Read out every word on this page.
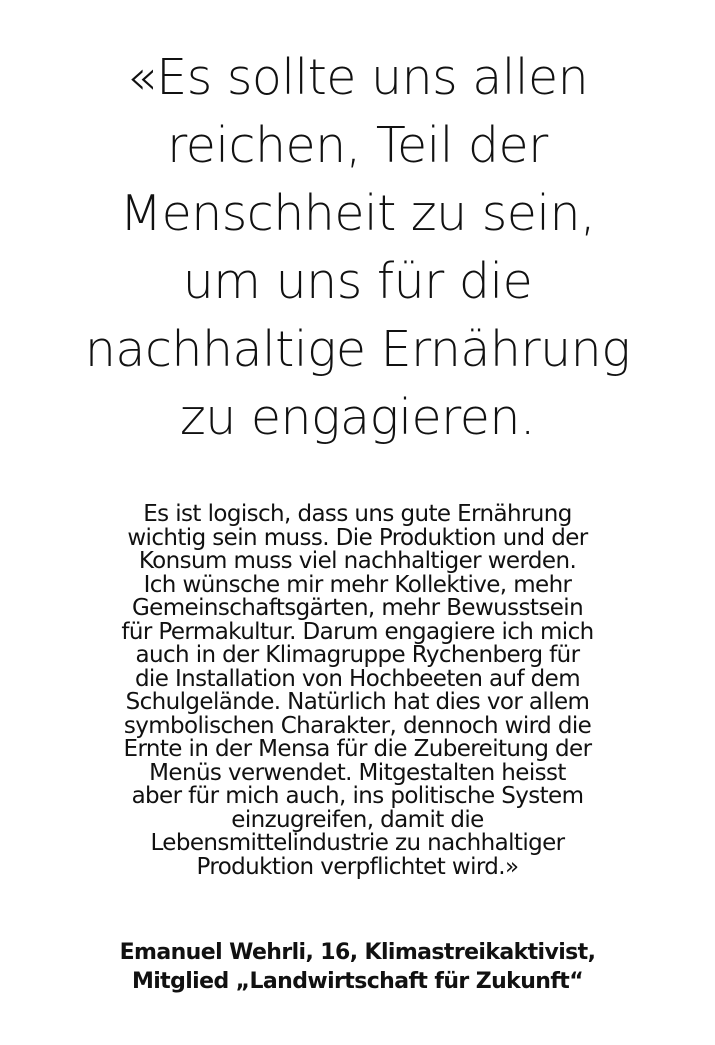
«Es sollte uns allen
reichen, Teil der
Menschheit zu sein,
um uns für die
nachhaltige Ernährung
zu engagieren.

Es ist logisch, dass uns gute Ernährung
wichtig sein muss. Die Produktion und der
Konsum muss viel nachhaltiger werden.
Ich wünsche mir mehr Kollektive, mehr
Gemeinschaftsgärten, mehr Bewusstsein
für Permakultur. Darum engagiere ich mich
auch in der Klimagruppe Rychenberg für
die Installation von Hochbeeten auf dem
Schulgelände. Natürlich hat dies vor allem
symbolischen Charakter, dennoch wird die
Ernte in der Mensa für die Zubereitung der
Menüs verwendet. Mitgestalten heisst
aber für mich auch, ins politische System
einzugreifen, damit die
Lebensmittelindustrie zu nachhaltiger
Produktion verpflichtet wird.»

Emanuel Wehrli, 16, Klimastreikaktivist,
Mitglied „Landwirtschaft für Zukunft“
